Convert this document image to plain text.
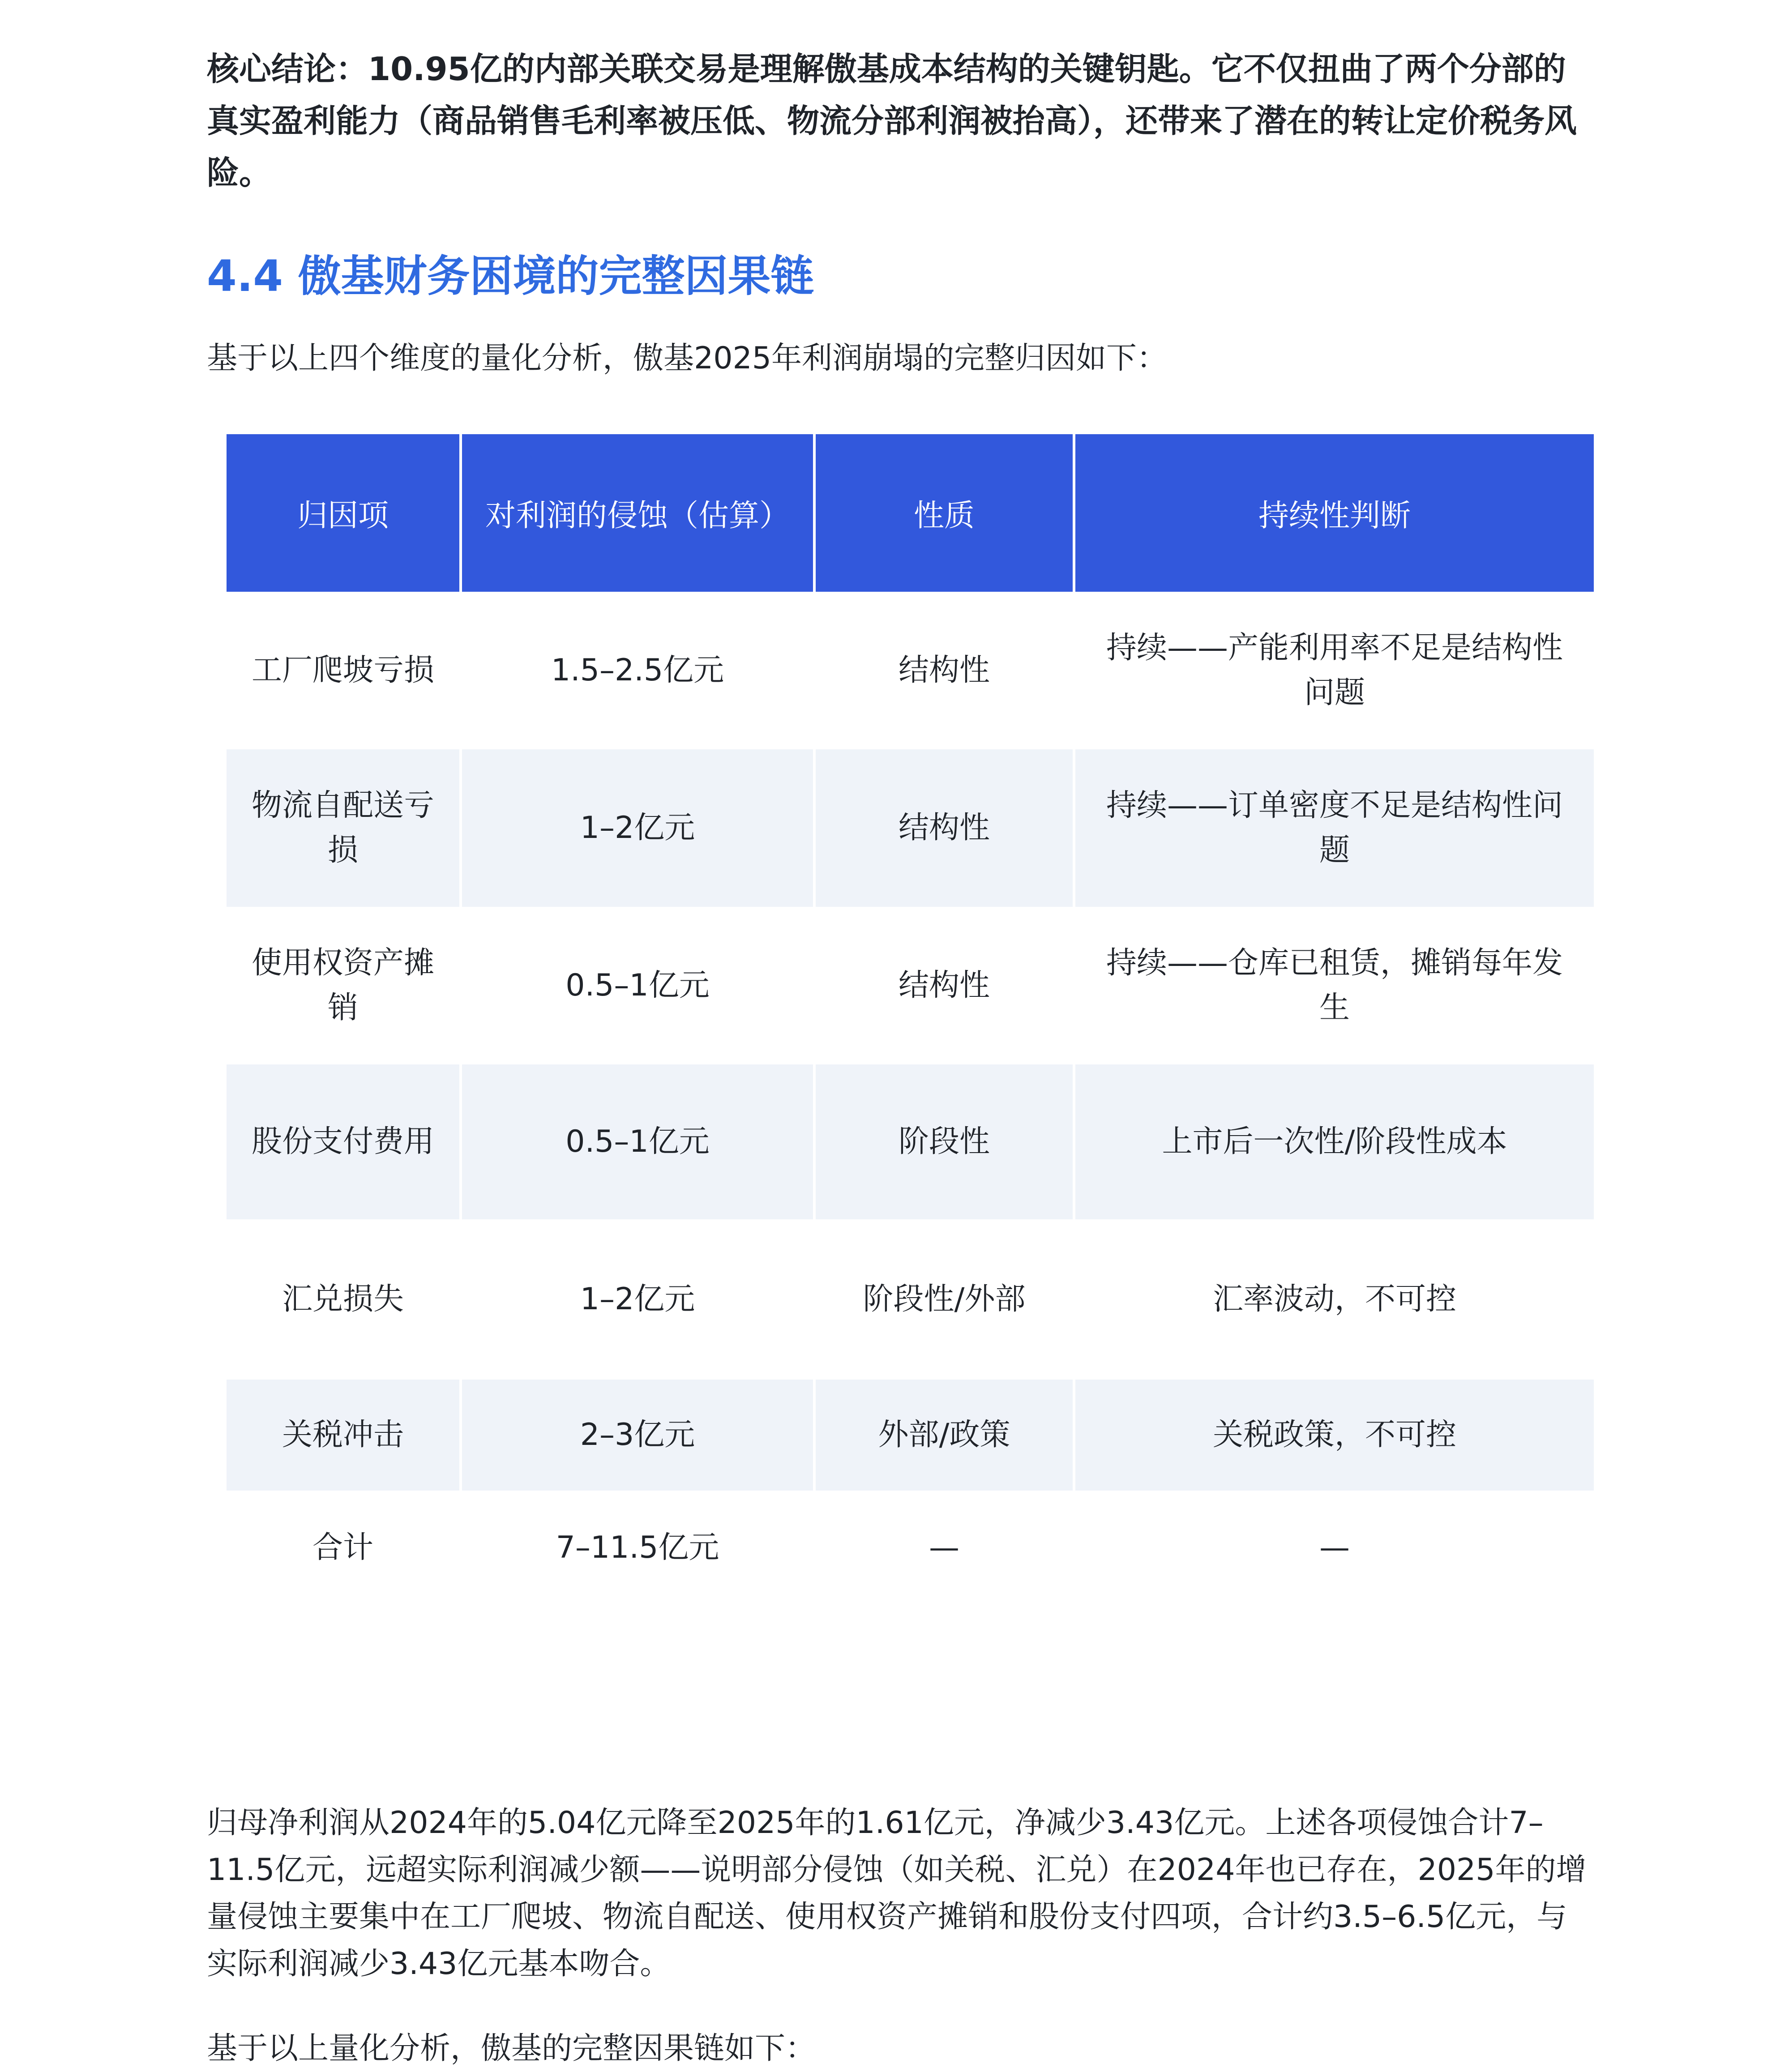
核心结论：10.95亿的内部关联交易是理解傲基成本结构的关键钥匙。它不仅扭曲了两个分部的真实盈利能力（商品销售毛利率被压低、物流分部利润被抬高），还带来了潜在的转让定价税务风险。

4.4 傲基财务困境的完整因果链

基于以上四个维度的量化分析，傲基2025年利润崩塌的完整归因如下：

归因项	对利润的侵蚀（估算）	性质	持续性判断
工厂爬坡亏损	1.5–2.5亿元	结构性	持续——产能利用率不足是结构性问题
物流自配送亏损	1–2亿元	结构性	持续——订单密度不足是结构性问题
使用权资产摊销	0.5–1亿元	结构性	持续——仓库已租赁，摊销每年发生
股份支付费用	0.5–1亿元	阶段性	上市后一次性/阶段性成本
汇兑损失	1–2亿元	阶段性/外部	汇率波动，不可控
关税冲击	2–3亿元	外部/政策	关税政策，不可控
合计	7–11.5亿元	—	—

归母净利润从2024年的5.04亿元降至2025年的1.61亿元，净减少3.43亿元。上述各项侵蚀合计7–11.5亿元，远超实际利润减少额——说明部分侵蚀（如关税、汇兑）在2024年也已存在，2025年的增量侵蚀主要集中在工厂爬坡、物流自配送、使用权资产摊销和股份支付四项，合计约3.5–6.5亿元，与实际利润减少3.43亿元基本吻合。

基于以上量化分析，傲基的完整因果链如下：
